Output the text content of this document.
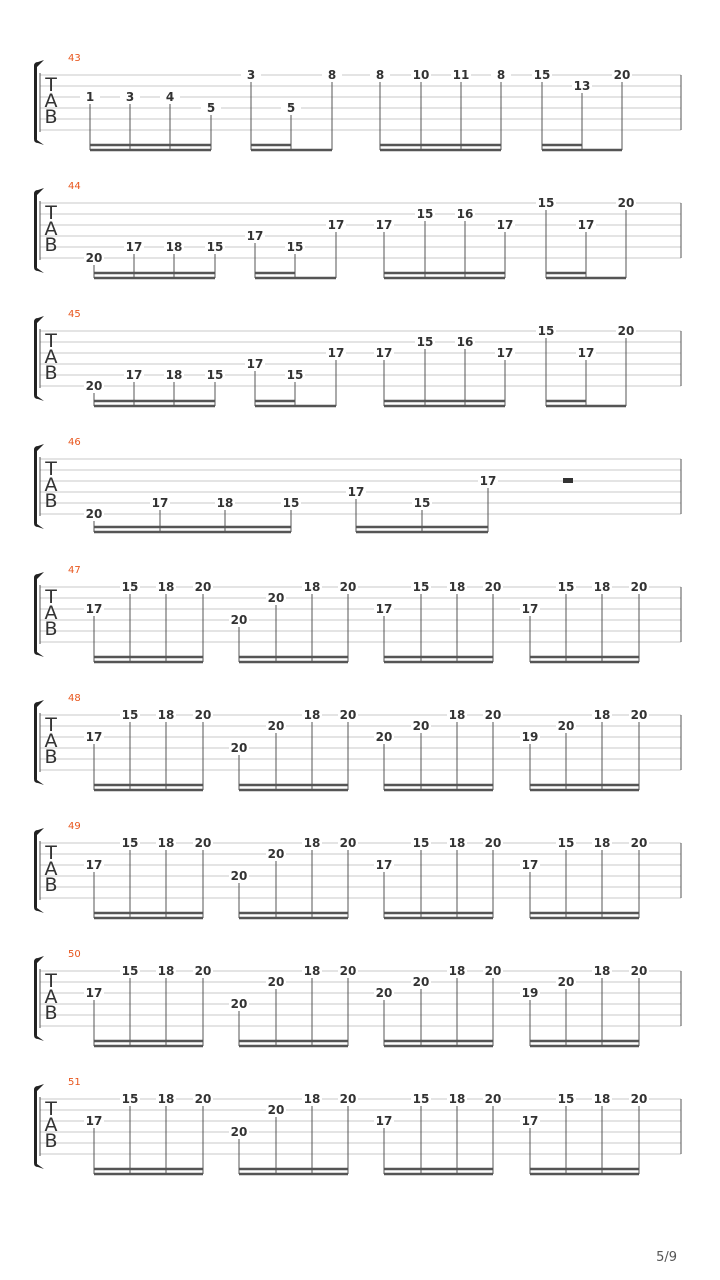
T
A
B
43
1	3	4
5
3
5
8	8 10 11 8 15
13
20
T
A
B
44
20
17 18 15
17
15
17	17
15 16
17
15
17
20
T
A
B
45
20
17 18 15
17
15
17	17
15 16
17
15
17
20
T
A
B
46
20
17	18	15
17
15
17
T
A
B
47
17
15 18 20
20
20
18 20
17
15 18 20
17
15 18 20
T
A
B
48
17
15 18 20
20
20
18 20
20
20
18 20
19
20
18 20
T
A
B
49
17
15 18 20
20
20
18 20
17
15 18 20
17
15 18 20
T
A
B
50
17
15 18 20
20
20
18 20
20
20
18 20
19
20
18 20
T
A
B
51
17
15 18 20
20
20
18 20
17
15 18 20
17
15 18 20
5/9
